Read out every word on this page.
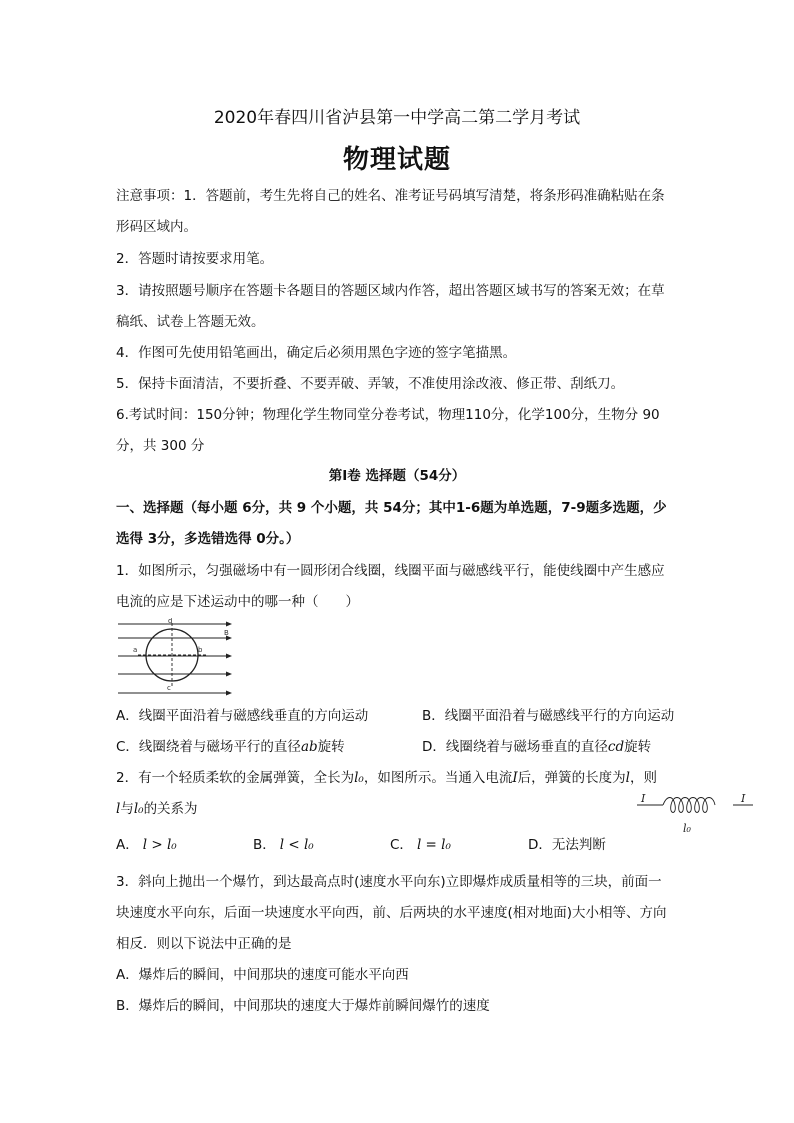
2020年春四川省泸县第一中学高二第二学月考试
物理试题
注意事项：1．答题前，考生先将自己的姓名、准考证号码填写清楚，将条形码准确粘贴在条
形码区域内。
2．答题时请按要求用笔。
3．请按照题号顺序在答题卡各题目的答题区域内作答，超出答题区域书写的答案无效；在草
稿纸、试卷上答题无效。
4．作图可先使用铅笔画出，确定后必须用黑色字迹的签字笔描黑。
5．保持卡面清洁，不要折叠、不要弄破、弄皱，不准使用涂改液、修正带、刮纸刀。
6.考试时间：150分钟；物理化学生物同堂分卷考试，物理110分，化学100分，生物分 90
分，共 300 分
第Ⅰ卷 选择题（54分）
一、选择题（每小题 6分，共 9 个小题，共 54分；其中1-6题为单选题，7-9题多选题，少
选得 3分，多选错选得 0分。）
1．如图所示，匀强磁场中有一圆形闭合线圈，线圈平面与磁感线平行，能使线圈中产生感应
电流的应是下述运动中的哪一种（　　）
d
B
a	b
c
A．线圈平面沿着与磁感线垂直的方向运动	B．线圈平面沿着与磁感线平行的方向运动
C．线圈绕着与磁场平行的直径ab旋转	D．线圈绕着与磁场垂直的直径cd旋转
2．有一个轻质柔软的金属弹簧，全长为l₀，如图所示。当通入电流I后，弹簧的长度为l，则
l与l₀的关系为
I	I
l₀
A． l > l₀	B． l < l₀	C． l = l₀	D．无法判断
3．斜向上抛出一个爆竹，到达最高点时(速度水平向东)立即爆炸成质量相等的三块，前面一
块速度水平向东，后面一块速度水平向西，前、后两块的水平速度(相对地面)大小相等、方向
相反．则以下说法中正确的是
A．爆炸后的瞬间，中间那块的速度可能水平向西
B．爆炸后的瞬间，中间那块的速度大于爆炸前瞬间爆竹的速度
